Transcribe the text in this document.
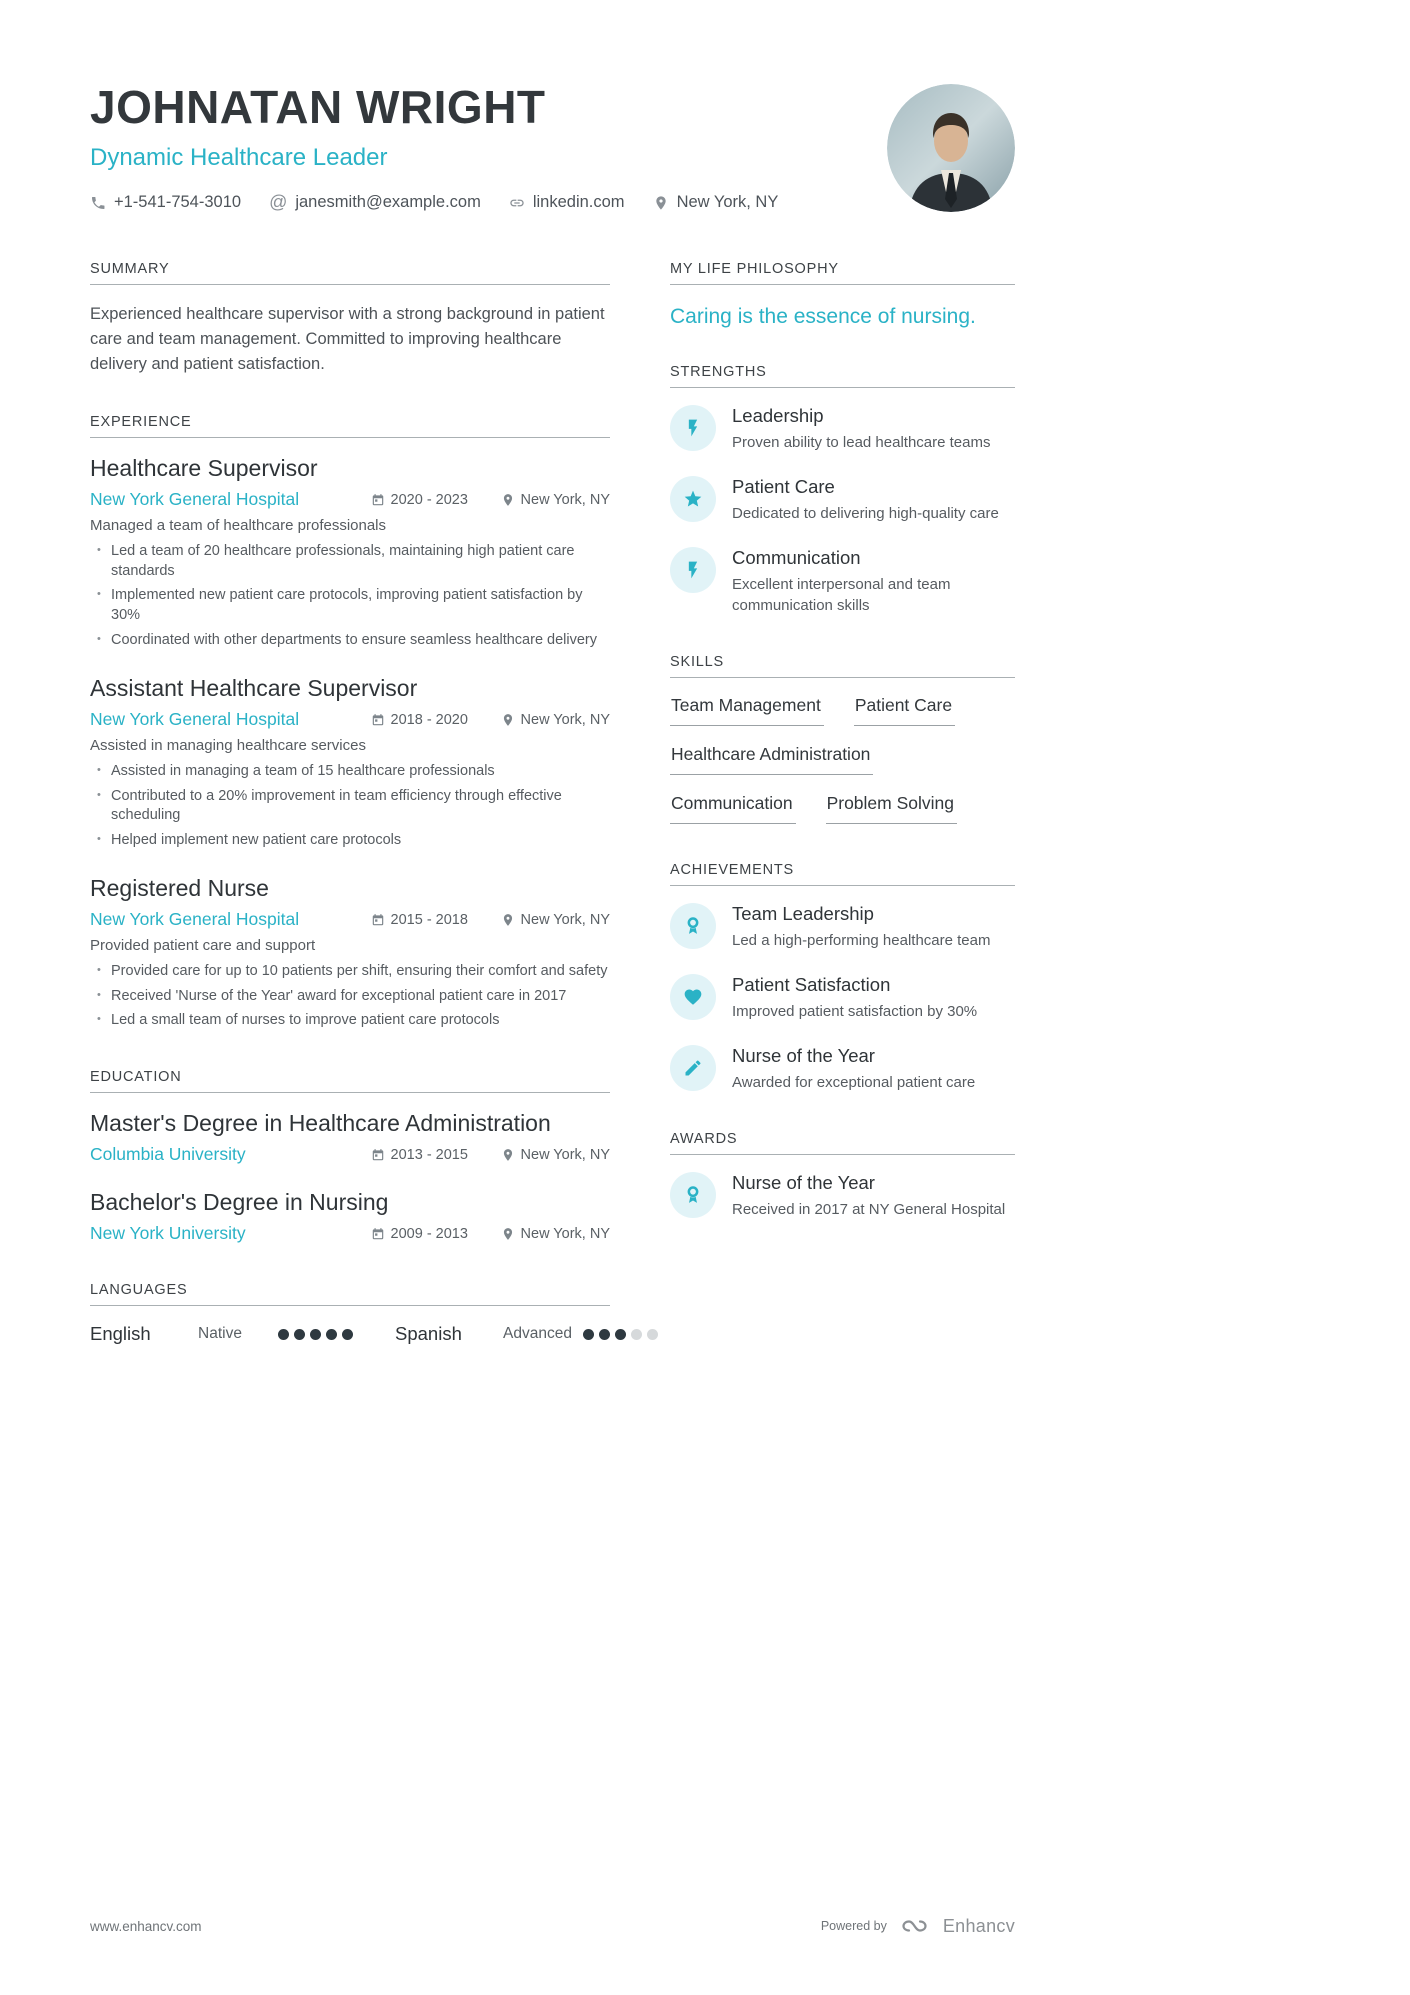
JOHNATAN WRIGHT
Dynamic Healthcare Leader
+1-541-754-3010 @ janesmith@example.com	linkedin.com	New York, NY
SUMMARY
Experienced healthcare supervisor with a strong background in patient care and team management. Committed to improving healthcare delivery and patient satisfaction.
EXPERIENCE
Healthcare Supervisor
New York General Hospital	2020 - 2023	New York, NY
Managed a team of healthcare professionals
• Led a team of 20 healthcare professionals, maintaining high patient care standards
• Implemented new patient care protocols, improving patient satisfaction by 30%
• Coordinated with other departments to ensure seamless healthcare delivery
Assistant Healthcare Supervisor
New York General Hospital	2018 - 2020	New York, NY
Assisted in managing healthcare services
• Assisted in managing a team of 15 healthcare professionals
• Contributed to a 20% improvement in team efficiency through effective scheduling
• Helped implement new patient care protocols
Registered Nurse
New York General Hospital	2015 - 2018	New York, NY
Provided patient care and support
• Provided care for up to 10 patients per shift, ensuring their comfort and safety
• Received 'Nurse of the Year' award for exceptional patient care in 2017
• Led a small team of nurses to improve patient care protocols
EDUCATION
Master's Degree in Healthcare Administration
Columbia University	2013 - 2015	New York, NY
Bachelor's Degree in Nursing
New York University	2009 - 2013	New York, NY
LANGUAGES
English	Native	Spanish	Advanced
MY LIFE PHILOSOPHY
Caring is the essence of nursing.
STRENGTHS
Leadership
Proven ability to lead healthcare teams
Patient Care
Dedicated to delivering high-quality care
Communication
Excellent interpersonal and team communication skills
SKILLS
Team Management Patient Care
Healthcare Administration
Communication Problem Solving
ACHIEVEMENTS
Team Leadership
Led a high-performing healthcare team
Patient Satisfaction
Improved patient satisfaction by 30%
Nurse of the Year
Awarded for exceptional patient care
AWARDS
Nurse of the Year
Received in 2017 at NY General Hospital
www.enhancv.com	Powered by	Enhancv
